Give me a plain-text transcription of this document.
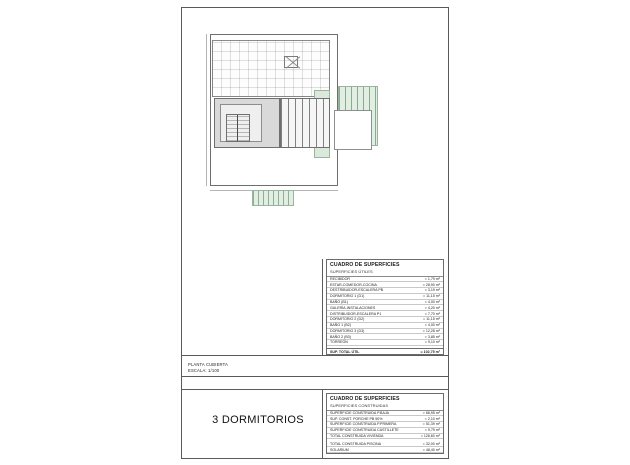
CUADRO DE SUPERFICIES
SUPERFICIES ÚTILES
RECIBIDOR	= 1,79 m²
ESTAR-COMEDOR-COCINA	= 28,90 m²
DESTRIBUIDOR-ESCALERA PB	= 3,19 m²
DORMITORIO 1 (D1)	= 11,15 m²
BAÑO (B1)	= 4,00 m²
GALERÍA-INSTALACIONES	= 4,20 m²
DISTRIBUIDOR-ESCALERA P1	= 7,70 m²
DORMITORIO 2 (D2)	= 11,15 m²
BAÑO 1 (B2)	= 4,00 m²
DORMITORIO 3 (D3)	= 12,28 m²
BAÑO 2 (B3)	= 3,85 m²
TORREÓN	= 9,10 m²

SUP. TOTAL ÚTIL	= 102,75 m²
CUADRO DE SUPERFICIES
SUPERFICIES CONSTRUIDAS
SUPERFICIE CONSTRUIDA P.BAJA	= 66,95 m²
SUP. CONST. PORCHE PB 50%	= 2,10 m²
SUPERFICIE CONSTRUIDA P.PRIMERA	= 51,39 m²
SUPERFICIE CONSTRUIDA CASTILLETE	= 9,79 m²
TOTAL CONSTRUIDA VIVIENDA	= 126,60 m²

TOTAL CONSTRUIDA PISCINA	= 32,00 m²
SOLARIUM	= 48,40 m²
PLANTA CUBIERTA
ESCALA: 1/100
3 DORMITORIOS
